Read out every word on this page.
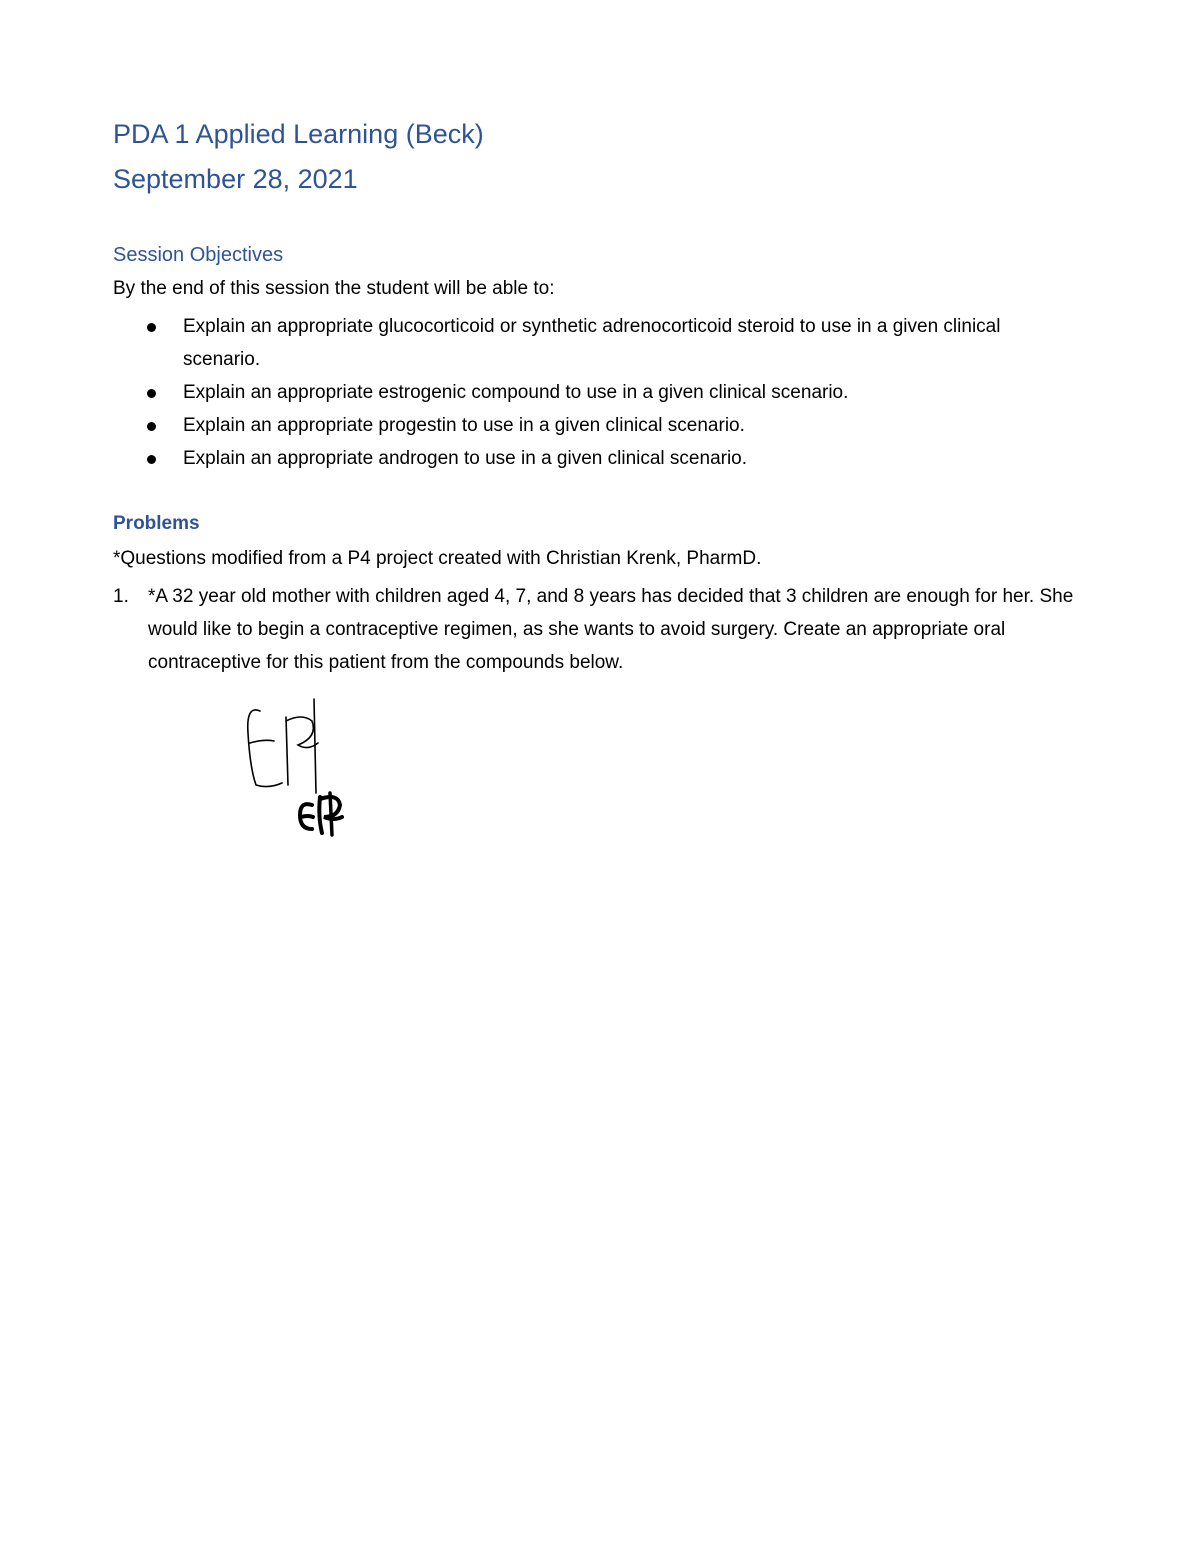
PDA 1 Applied Learning (Beck)
September 28, 2021
Session Objectives

By the end of this session the student will be able to:

Explain an appropriate glucocorticoid or synthetic adrenocorticoid steroid to use in a given clinical scenario.
Explain an appropriate estrogenic compound to use in a given clinical scenario.
Explain an appropriate progestin to use in a given clinical scenario.
Explain an appropriate androgen to use in a given clinical scenario.
Problems

*Questions modified from a P4 project created with Christian Krenk, PharmD.

1. *A 32 year old mother with children aged 4, 7, and 8 years has decided that 3 children are enough for her. She would like to begin a contraceptive regimen, as she wants to avoid surgery. Create an appropriate oral contraceptive for this patient from the compounds below.
